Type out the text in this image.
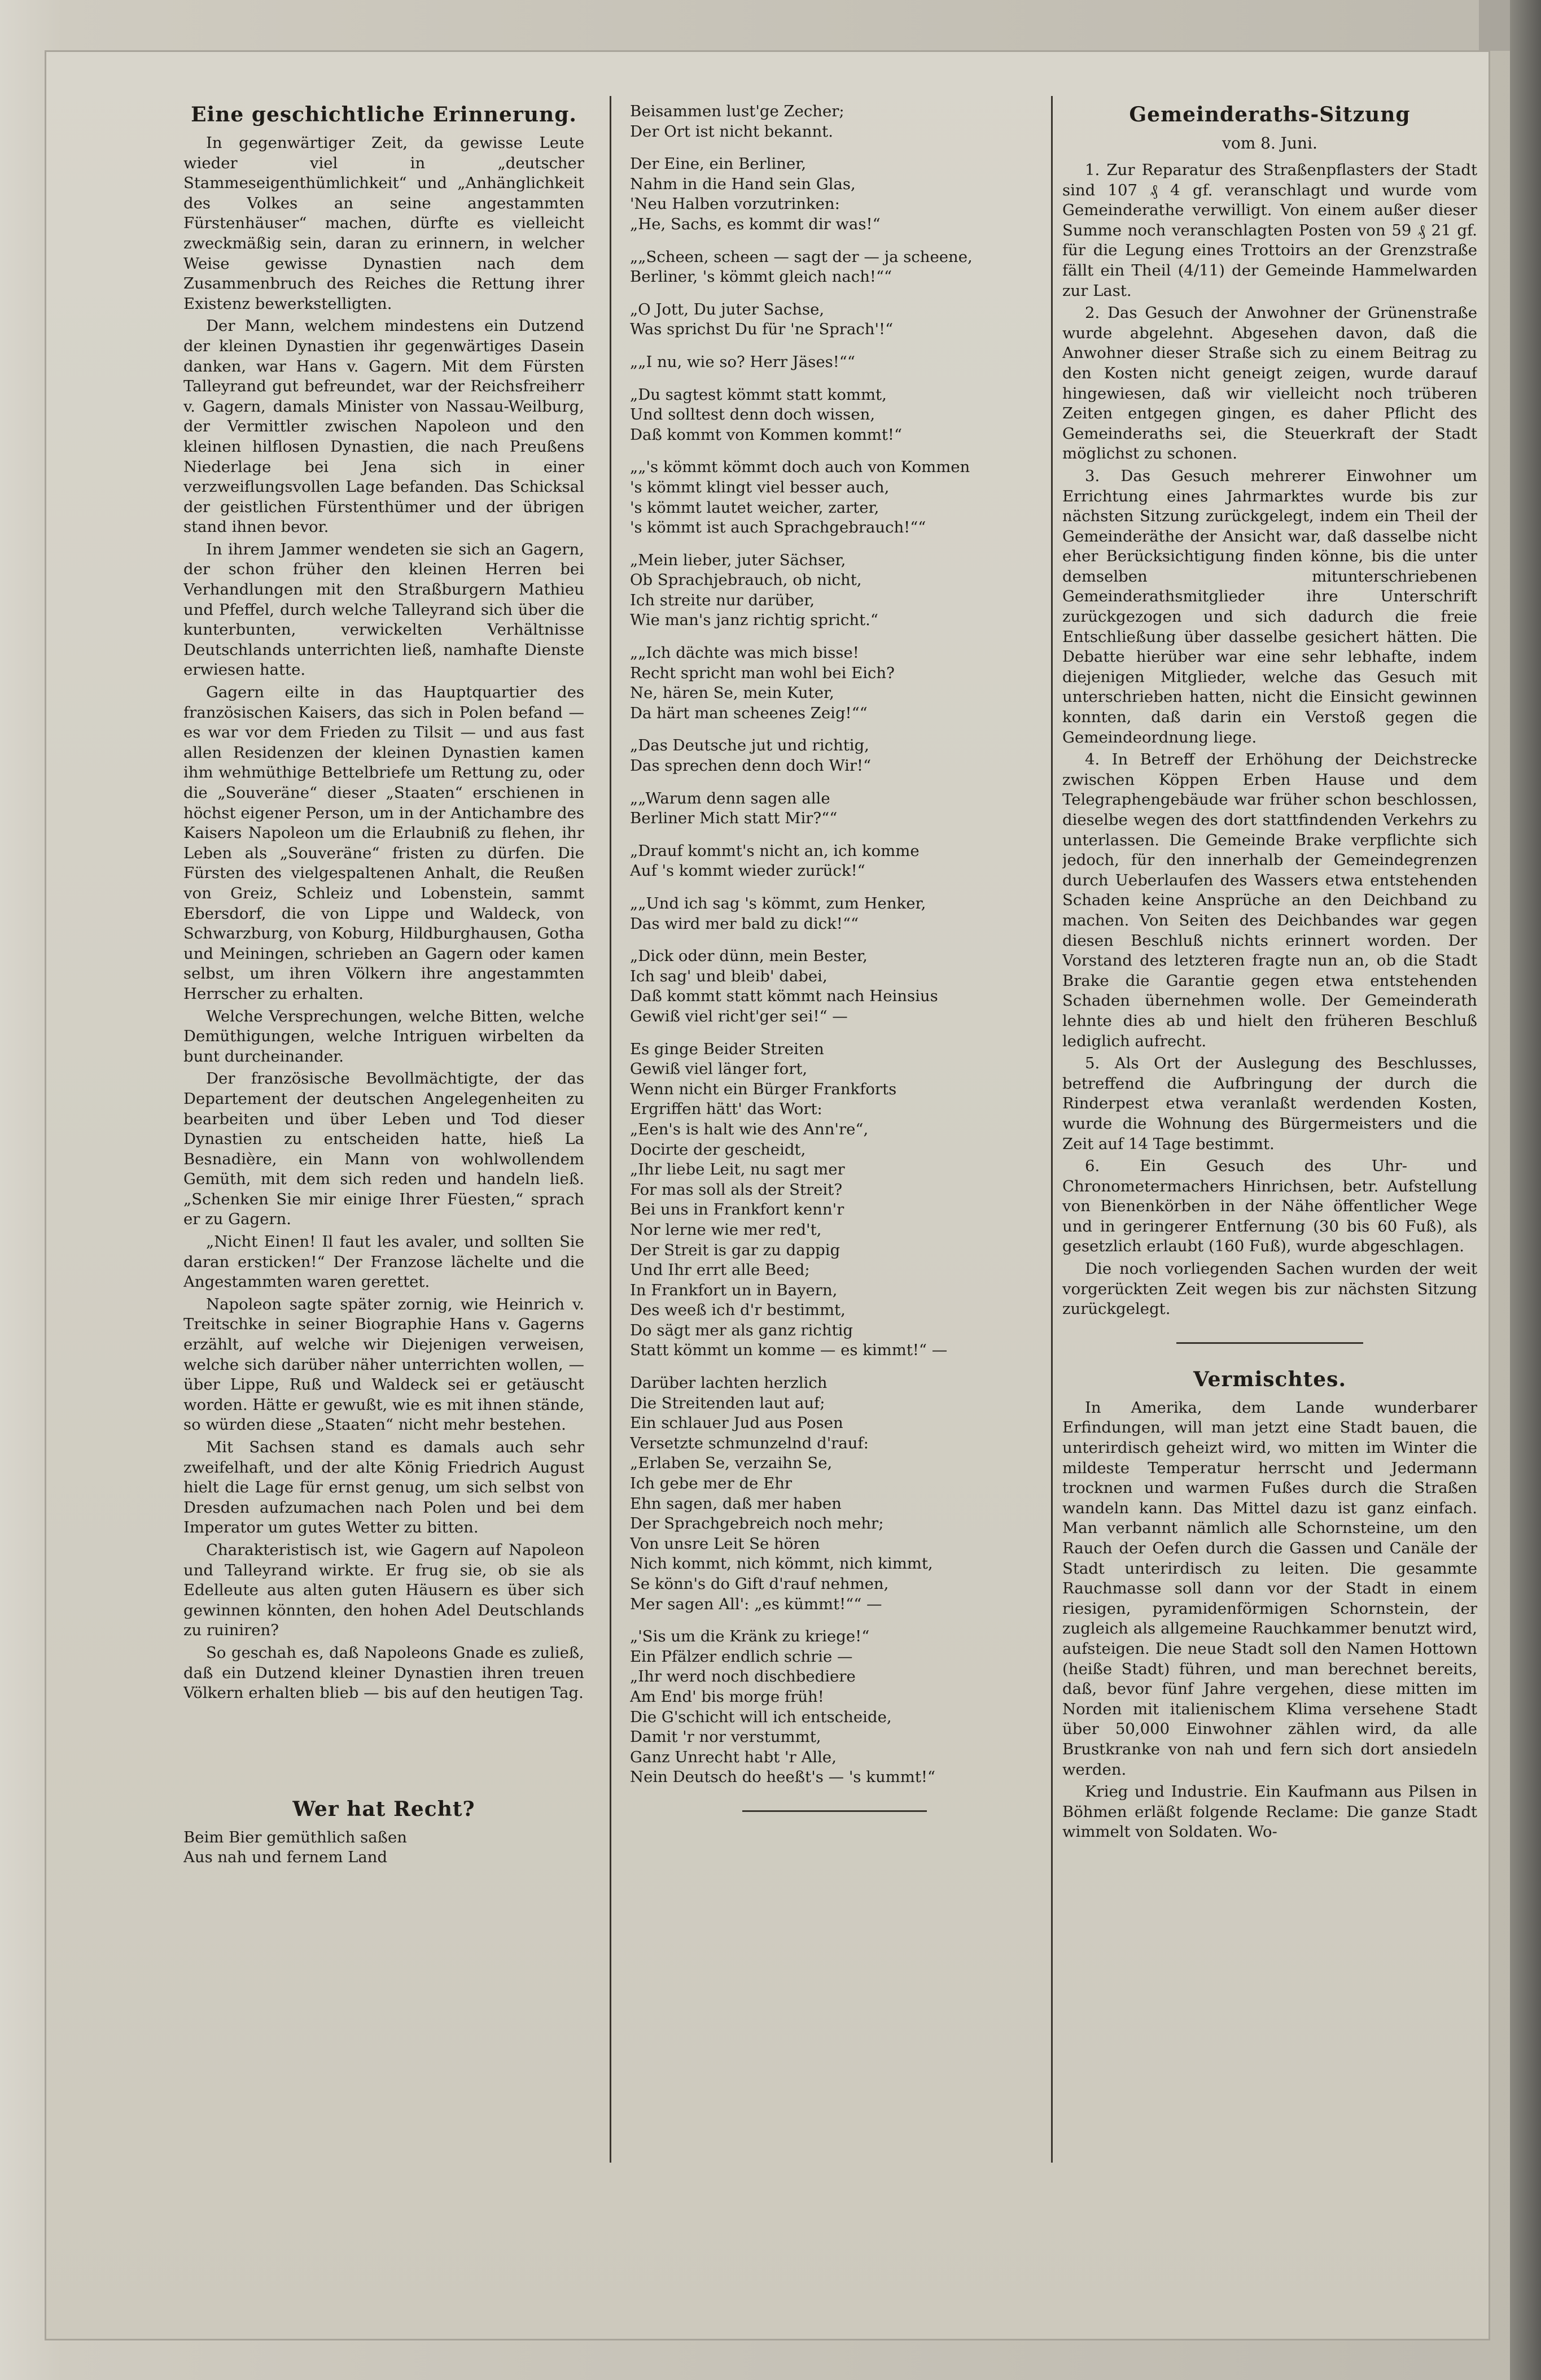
Eine geschichtliche Erinnerung.

In gegenwärtiger Zeit, da gewisse Leute wieder viel in „deutscher Stammeseigenthümlichkeit“ und „Anhänglichkeit des Volkes an seine angestammten Fürstenhäuser“ machen, dürfte es vielleicht zweckmäßig sein, daran zu erinnern, in welcher Weise gewisse Dynastien nach dem Zusammenbruch des Reiches die Rettung ihrer Existenz bewerkstelligten.

Der Mann, welchem mindestens ein Dutzend der kleinen Dynastien ihr gegenwärtiges Dasein danken, war Hans v. Gagern. Mit dem Fürsten Talleyrand gut befreundet, war der Reichsfreiherr v. Gagern, damals Minister von Nassau-Weilburg, der Vermittler zwischen Napoleon und den kleinen hilflosen Dynastien, die nach Preußens Niederlage bei Jena sich in einer verzweiflungsvollen Lage befanden. Das Schicksal der geistlichen Fürstenthümer und der übrigen stand ihnen bevor.

In ihrem Jammer wendeten sie sich an Gagern, der schon früher den kleinen Herren bei Verhandlungen mit den Straßburgern Mathieu und Pfeffel, durch welche Talleyrand sich über die kunterbunten, verwickelten Verhältnisse Deutschlands unterrichten ließ, namhafte Dienste erwiesen hatte.

Gagern eilte in das Hauptquartier des französischen Kaisers, das sich in Polen befand — es war vor dem Frieden zu Tilsit — und aus fast allen Residenzen der kleinen Dynastien kamen ihm wehmüthige Bettelbriefe um Rettung zu, oder die „Souveräne“ dieser „Staaten“ erschienen in höchst eigener Person, um in der Antichambre des Kaisers Napoleon um die Erlaubniß zu flehen, ihr Leben als „Souveräne“ fristen zu dürfen. Die Fürsten des vielgespaltenen Anhalt, die Reußen von Greiz, Schleiz und Lobenstein, sammt Ebersdorf, die von Lippe und Waldeck, von Schwarzburg, von Koburg, Hildburghausen, Gotha und Meiningen, schrieben an Gagern oder kamen selbst, um ihren Völkern ihre angestammten Herrscher zu erhalten.

Welche Versprechungen, welche Bitten, welche Demüthigungen, welche Intriguen wirbelten da bunt durcheinander.

Der französische Bevollmächtigte, der das Departement der deutschen Angelegenheiten zu bearbeiten und über Leben und Tod dieser Dynastien zu entscheiden hatte, hieß La Besnadière, ein Mann von wohlwollendem Gemüth, mit dem sich reden und handeln ließ. „Schenken Sie mir einige Ihrer Füesten,“ sprach er zu Gagern.

„Nicht Einen! Il faut les avaler, und sollten Sie daran ersticken!“ Der Franzose lächelte und die Angestammten waren gerettet.

Napoleon sagte später zornig, wie Heinrich v. Treitschke in seiner Biographie Hans v. Gagerns erzählt, auf welche wir Diejenigen verweisen, welche sich darüber näher unterrichten wollen, — über Lippe, Ruß und Waldeck sei er getäuscht worden. Hätte er gewußt, wie es mit ihnen stände, so würden diese „Staaten“ nicht mehr bestehen.

Mit Sachsen stand es damals auch sehr zweifelhaft, und der alte König Friedrich August hielt die Lage für ernst genug, um sich selbst von Dresden aufzumachen nach Polen und bei dem Imperator um gutes Wetter zu bitten.

Charakteristisch ist, wie Gagern auf Napoleon und Talleyrand wirkte. Er frug sie, ob sie als Edelleute aus alten guten Häusern es über sich gewinnen könnten, den hohen Adel Deutschlands zu ruiniren?

So geschah es, daß Napoleons Gnade es zuließ, daß ein Dutzend kleiner Dynastien ihren treuen Völkern erhalten blieb — bis auf den heutigen Tag.

Wer hat Recht?
Beim Bier gemüthlich saßen
Aus nah und fernem Land
Beisammen lust'ge Zecher;
Der Ort ist nicht bekannt.
Der Eine, ein Berliner,
Nahm in die Hand sein Glas,
'Neu Halben vorzutrinken:
„He, Sachs, es kommt dir was!“
„„Scheen, scheen — sagt der — ja scheene,
Berliner, 's kömmt gleich nach!““
„O Jott, Du juter Sachse,
Was sprichst Du für 'ne Sprach'!“
„„I nu, wie so? Herr Jäses!““
„Du sagtest kömmt statt kommt,
Und solltest denn doch wissen,
Daß kommt von Kommen kommt!“
„„'s kömmt kömmt doch auch von Kommen
's kömmt klingt viel besser auch,
's kömmt lautet weicher, zarter,
's kömmt ist auch Sprachgebrauch!““
„Mein lieber, juter Sächser,
Ob Sprachjebrauch, ob nicht,
Ich streite nur darüber,
Wie man's janz richtig spricht.“
„„Ich dächte was mich bisse!
Recht spricht man wohl bei Eich?
Ne, hären Se, mein Kuter,
Da härt man scheenes Zeig!““
„Das Deutsche jut und richtig,
Das sprechen denn doch Wir!“
„„Warum denn sagen alle
Berliner Mich statt Mir?““
„Drauf kommt's nicht an, ich komme
Auf 's kommt wieder zurück!“
„„Und ich sag 's kömmt, zum Henker,
Das wird mer bald zu dick!““
„Dick oder dünn, mein Bester,
Ich sag' und bleib' dabei,
Daß kommt statt kömmt nach Heinsius
Gewiß viel richt'ger sei!“ —
Es ginge Beider Streiten
Gewiß viel länger fort,
Wenn nicht ein Bürger Frankforts
Ergriffen hätt' das Wort:
„Een's is halt wie des Ann're“,
Docirte der gescheidt,
„Ihr liebe Leit, nu sagt mer
For mas soll als der Streit?
Bei uns in Frankfort kenn'r
Nor lerne wie mer red't,
Der Streit is gar zu dappig
Und Ihr errt alle Beed;
In Frankfort un in Bayern,
Des weeß ich d'r bestimmt,
Do sägt mer als ganz richtig
Statt kömmt un komme — es kimmt!“ —
Darüber lachten herzlich
Die Streitenden laut auf;
Ein schlauer Jud aus Posen
Versetzte schmunzelnd d'rauf:
„Erlaben Se, verzaihn Se,
Ich gebe mer de Ehr
Ehn sagen, daß mer haben
Der Sprachgebreich noch mehr;
Von unsre Leit Se hören
Nich kommt, nich kömmt, nich kimmt,
Se könn's do Gift d'rauf nehmen,
Mer sagen All': „es kümmt!““ —
„'Sis um die Kränk zu kriege!“
Ein Pfälzer endlich schrie —
„Ihr werd noch dischbediere
Am End' bis morge früh!
Die G'schicht will ich entscheide,
Damit 'r nor verstummt,
Ganz Unrecht habt 'r Alle,
Nein Deutsch do heeßt's — 's kummt!“
Gemeinderaths-Sitzung
vom 8. Juni.

1. Zur Reparatur des Straßenpflasters der Stadt sind 107 ₰ 4 gf. veranschlagt und wurde vom Gemeinderathe verwilligt. Von einem außer dieser Summe noch veranschlagten Posten von 59 ₰ 21 gf. für die Legung eines Trottoirs an der Grenzstraße fällt ein Theil (4/11) der Gemeinde Hammelwarden zur Last.

2. Das Gesuch der Anwohner der Grünenstraße wurde abgelehnt. Abgesehen davon, daß die Anwohner dieser Straße sich zu einem Beitrag zu den Kosten nicht geneigt zeigen, wurde darauf hingewiesen, daß wir vielleicht noch trüberen Zeiten entgegen gingen, es daher Pflicht des Gemeinderaths sei, die Steuerkraft der Stadt möglichst zu schonen.

3. Das Gesuch mehrerer Einwohner um Errichtung eines Jahrmarktes wurde bis zur nächsten Sitzung zurückgelegt, indem ein Theil der Gemeinderäthe der Ansicht war, daß dasselbe nicht eher Berücksichtigung finden könne, bis die unter demselben mitunterschriebenen Gemeinderathsmitglieder ihre Unterschrift zurückgezogen und sich dadurch die freie Entschließung über dasselbe gesichert hätten. Die Debatte hierüber war eine sehr lebhafte, indem diejenigen Mitglieder, welche das Gesuch mit unterschrieben hatten, nicht die Einsicht gewinnen konnten, daß darin ein Verstoß gegen die Gemeindeordnung liege.

4. In Betreff der Erhöhung der Deichstrecke zwischen Köppen Erben Hause und dem Telegraphengebäude war früher schon beschlossen, dieselbe wegen des dort stattfindenden Verkehrs zu unterlassen. Die Gemeinde Brake verpflichte sich jedoch, für den innerhalb der Gemeindegrenzen durch Ueberlaufen des Wassers etwa entstehenden Schaden keine Ansprüche an den Deichband zu machen. Von Seiten des Deichbandes war gegen diesen Beschluß nichts erinnert worden. Der Vorstand des letzteren fragte nun an, ob die Stadt Brake die Garantie gegen etwa entstehenden Schaden übernehmen wolle. Der Gemeinderath lehnte dies ab und hielt den früheren Beschluß lediglich aufrecht.

5. Als Ort der Auslegung des Beschlusses, betreffend die Aufbringung der durch die Rinderpest etwa veranlaßt werdenden Kosten, wurde die Wohnung des Bürgermeisters und die Zeit auf 14 Tage bestimmt.

6. Ein Gesuch des Uhr- und Chronometermachers Hinrichsen, betr. Aufstellung von Bienenkörben in der Nähe öffentlicher Wege und in geringerer Entfernung (30 bis 60 Fuß), als gesetzlich erlaubt (160 Fuß), wurde abgeschlagen.

Die noch vorliegenden Sachen wurden der weit vorgerückten Zeit wegen bis zur nächsten Sitzung zurückgelegt.

Vermischtes.

In Amerika, dem Lande wunderbarer Erfindungen, will man jetzt eine Stadt bauen, die unterirdisch geheizt wird, wo mitten im Winter die mildeste Temperatur herrscht und Jedermann trocknen und warmen Fußes durch die Straßen wandeln kann. Das Mittel dazu ist ganz einfach. Man verbannt nämlich alle Schornsteine, um den Rauch der Oefen durch die Gassen und Canäle der Stadt unterirdisch zu leiten. Die gesammte Rauchmasse soll dann vor der Stadt in einem riesigen, pyramidenförmigen Schornstein, der zugleich als allgemeine Rauchkammer benutzt wird, aufsteigen. Die neue Stadt soll den Namen Hottown (heiße Stadt) führen, und man berechnet bereits, daß, bevor fünf Jahre vergehen, diese mitten im Norden mit italienischem Klima versehene Stadt über 50,000 Einwohner zählen wird, da alle Brustkranke von nah und fern sich dort ansiedeln werden.

Krieg und Industrie. Ein Kaufmann aus Pilsen in Böhmen erläßt folgende Reclame: Die ganze Stadt wimmelt von Soldaten. Wo-
